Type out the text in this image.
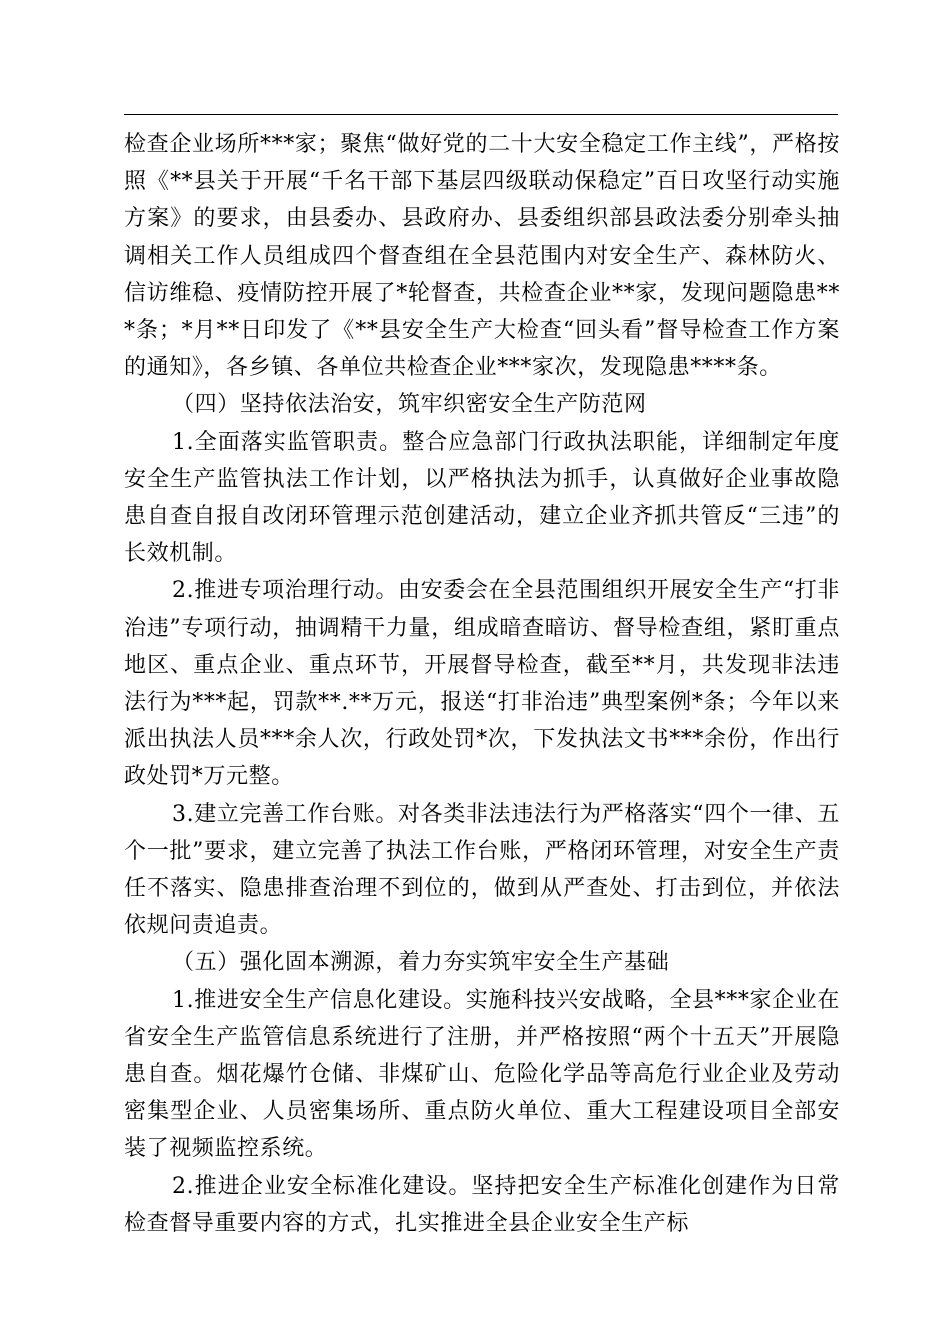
检查企业场所***家；聚焦“做好党的二十大安全稳定工作主线”，严格按照《**县关于开展“千名干部下基层四级联动保稳定”百日攻坚行动实施方案》的要求，由县委办、县政府办、县委组织部县政法委分别牵头抽调相关工作人员组成四个督查组在全县范围内对安全生产、森林防火、信访维稳、疫情防控开展了*轮督查，共检查企业**家，发现问题隐患***条；*月**日印发了《**县安全生产大检查“回头看”督导检查工作方案的通知》，各乡镇、各单位共检查企业***家次，发现隐患****条。

（四）坚持依法治安，筑牢织密安全生产防范网

1.全面落实监管职责。整合应急部门行政执法职能，详细制定年度安全生产监管执法工作计划，以严格执法为抓手，认真做好企业事故隐患自查自报自改闭环管理示范创建活动，建立企业齐抓共管反“三违”的长效机制。

2.推进专项治理行动。由安委会在全县范围组织开展安全生产“打非治违”专项行动，抽调精干力量，组成暗查暗访、督导检查组，紧盯重点地区、重点企业、重点环节，开展督导检查，截至**月，共发现非法违法行为***起，罚款**.**万元，报送“打非治违”典型案例*条；今年以来派出执法人员***余人次，行政处罚*次，下发执法文书***余份，作出行政处罚*万元整。

3.建立完善工作台账。对各类非法违法行为严格落实“四个一律、五个一批”要求，建立完善了执法工作台账，严格闭环管理，对安全生产责任不落实、隐患排查治理不到位的，做到从严查处、打击到位，并依法依规问责追责。

（五）强化固本溯源，着力夯实筑牢安全生产基础

1.推进安全生产信息化建设。实施科技兴安战略，全县***家企业在省安全生产监管信息系统进行了注册，并严格按照“两个十五天”开展隐患自查。烟花爆竹仓储、非煤矿山、危险化学品等高危行业企业及劳动密集型企业、人员密集场所、重点防火单位、重大工程建设项目全部安装了视频监控系统。

2.推进企业安全标准化建设。坚持把安全生产标准化创建作为日常检查督导重要内容的方式，扎实推进全县企业安全生产标
